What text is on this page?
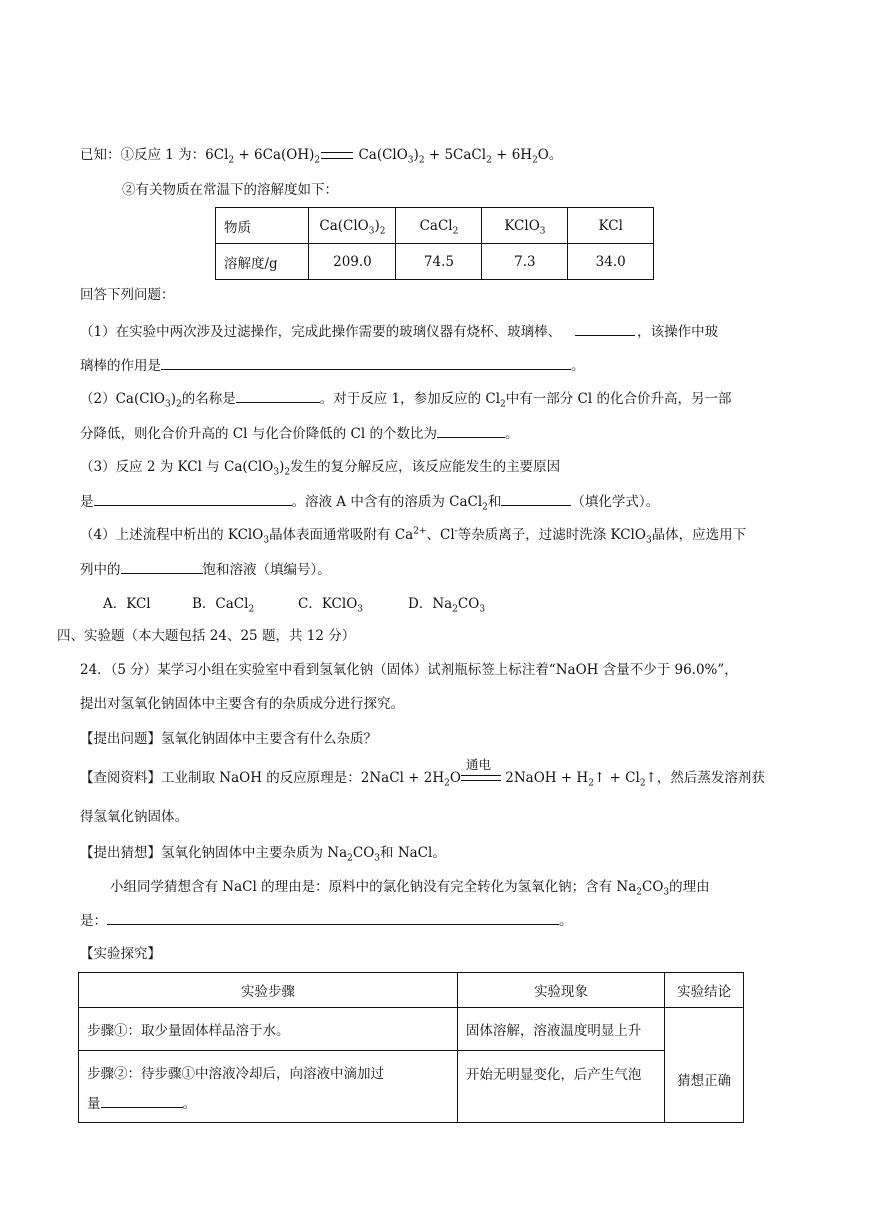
已知：①反应 1 为：$6Cl_2 + 6Ca(OH)_2$	$Ca(ClO_3)_2$ + 5CaCl$_2$ + $6H_2O$。
②有关物质在常温下的溶解度如下：
物质	$Ca(ClO_3)_2$	CaCl$_2$	KClO$_3$	KCl
溶解度/g	209.0	74.5	7.3	34.0
回答下列问题：
（1）在实验中两次涉及过滤操作，完成此操作需要的玻璃仪器有烧杯、玻璃棒、	，该操作中玻
璃棒的作用是	。
$(2)Ca(ClO_3)_2$的名称是	。对于反应 1，参加反应的 $Cl_2$中有一部分 Cl 的化合价升高，另一部
分降低，则化合价升高的 Cl 与化合价降低的 Cl 的个数比为	。
（3）反应 2 为 KCl 与 $Ca(ClO_3)_2$发生的复分解反应，该反应能发生的主要原因
是	。溶液 A 中含有的溶质为 CaCl$_2$和	（填化学式）。
（4）上述流程中析出的 KClO$_3$晶体表面通常吸附有 $Ca^{2+}$、Cl-等杂质离子，过滤时洗涤 KClO$_3$晶体，应选用下
列中的	饱和溶液（填编号）。
A．KCl	B．CaCl$_2$	C．KClO$_3$	D．$Na_2CO_3$
四、实验题（本大题包括 24、25 题，共 12 分）
24．（5 分）某学习小组在实验室中看到氢氧化钠（固体）试剂瓶标签上标注着“NaOH 含量不少于 96.0%”，
提出对氢氧化钠固体中主要含有的杂质成分进行探究。
【提出问题】氢氧化钠固体中主要含有什么杂质？
【查阅资料】工业制取 NaOH 的反应原理是：2NaCl + $2H_2O$
通电
2NaOH + $H_2↑$ + $Cl_2↑$，然后蒸发溶剂获
得氢氧化钠固体。
【提出猜想】氢氧化钠固体中主要杂质为 $Na_2CO_3$和 NaCl。
小组同学猜想含有 NaCl 的理由是：原料中的氯化钠没有完全转化为氢氧化钠；含有 $Na_2CO_3$的理由
是：	。
【实验探究】
实验步骤	实验现象	实验结论
步骤①：取少量固体样品溶于水。	固体溶解，溶液温度明显上升	猜想正确
步骤②：待步骤①中溶液冷却后，向溶液中滴加过
量 。	开始无明显变化，后产生气泡	
